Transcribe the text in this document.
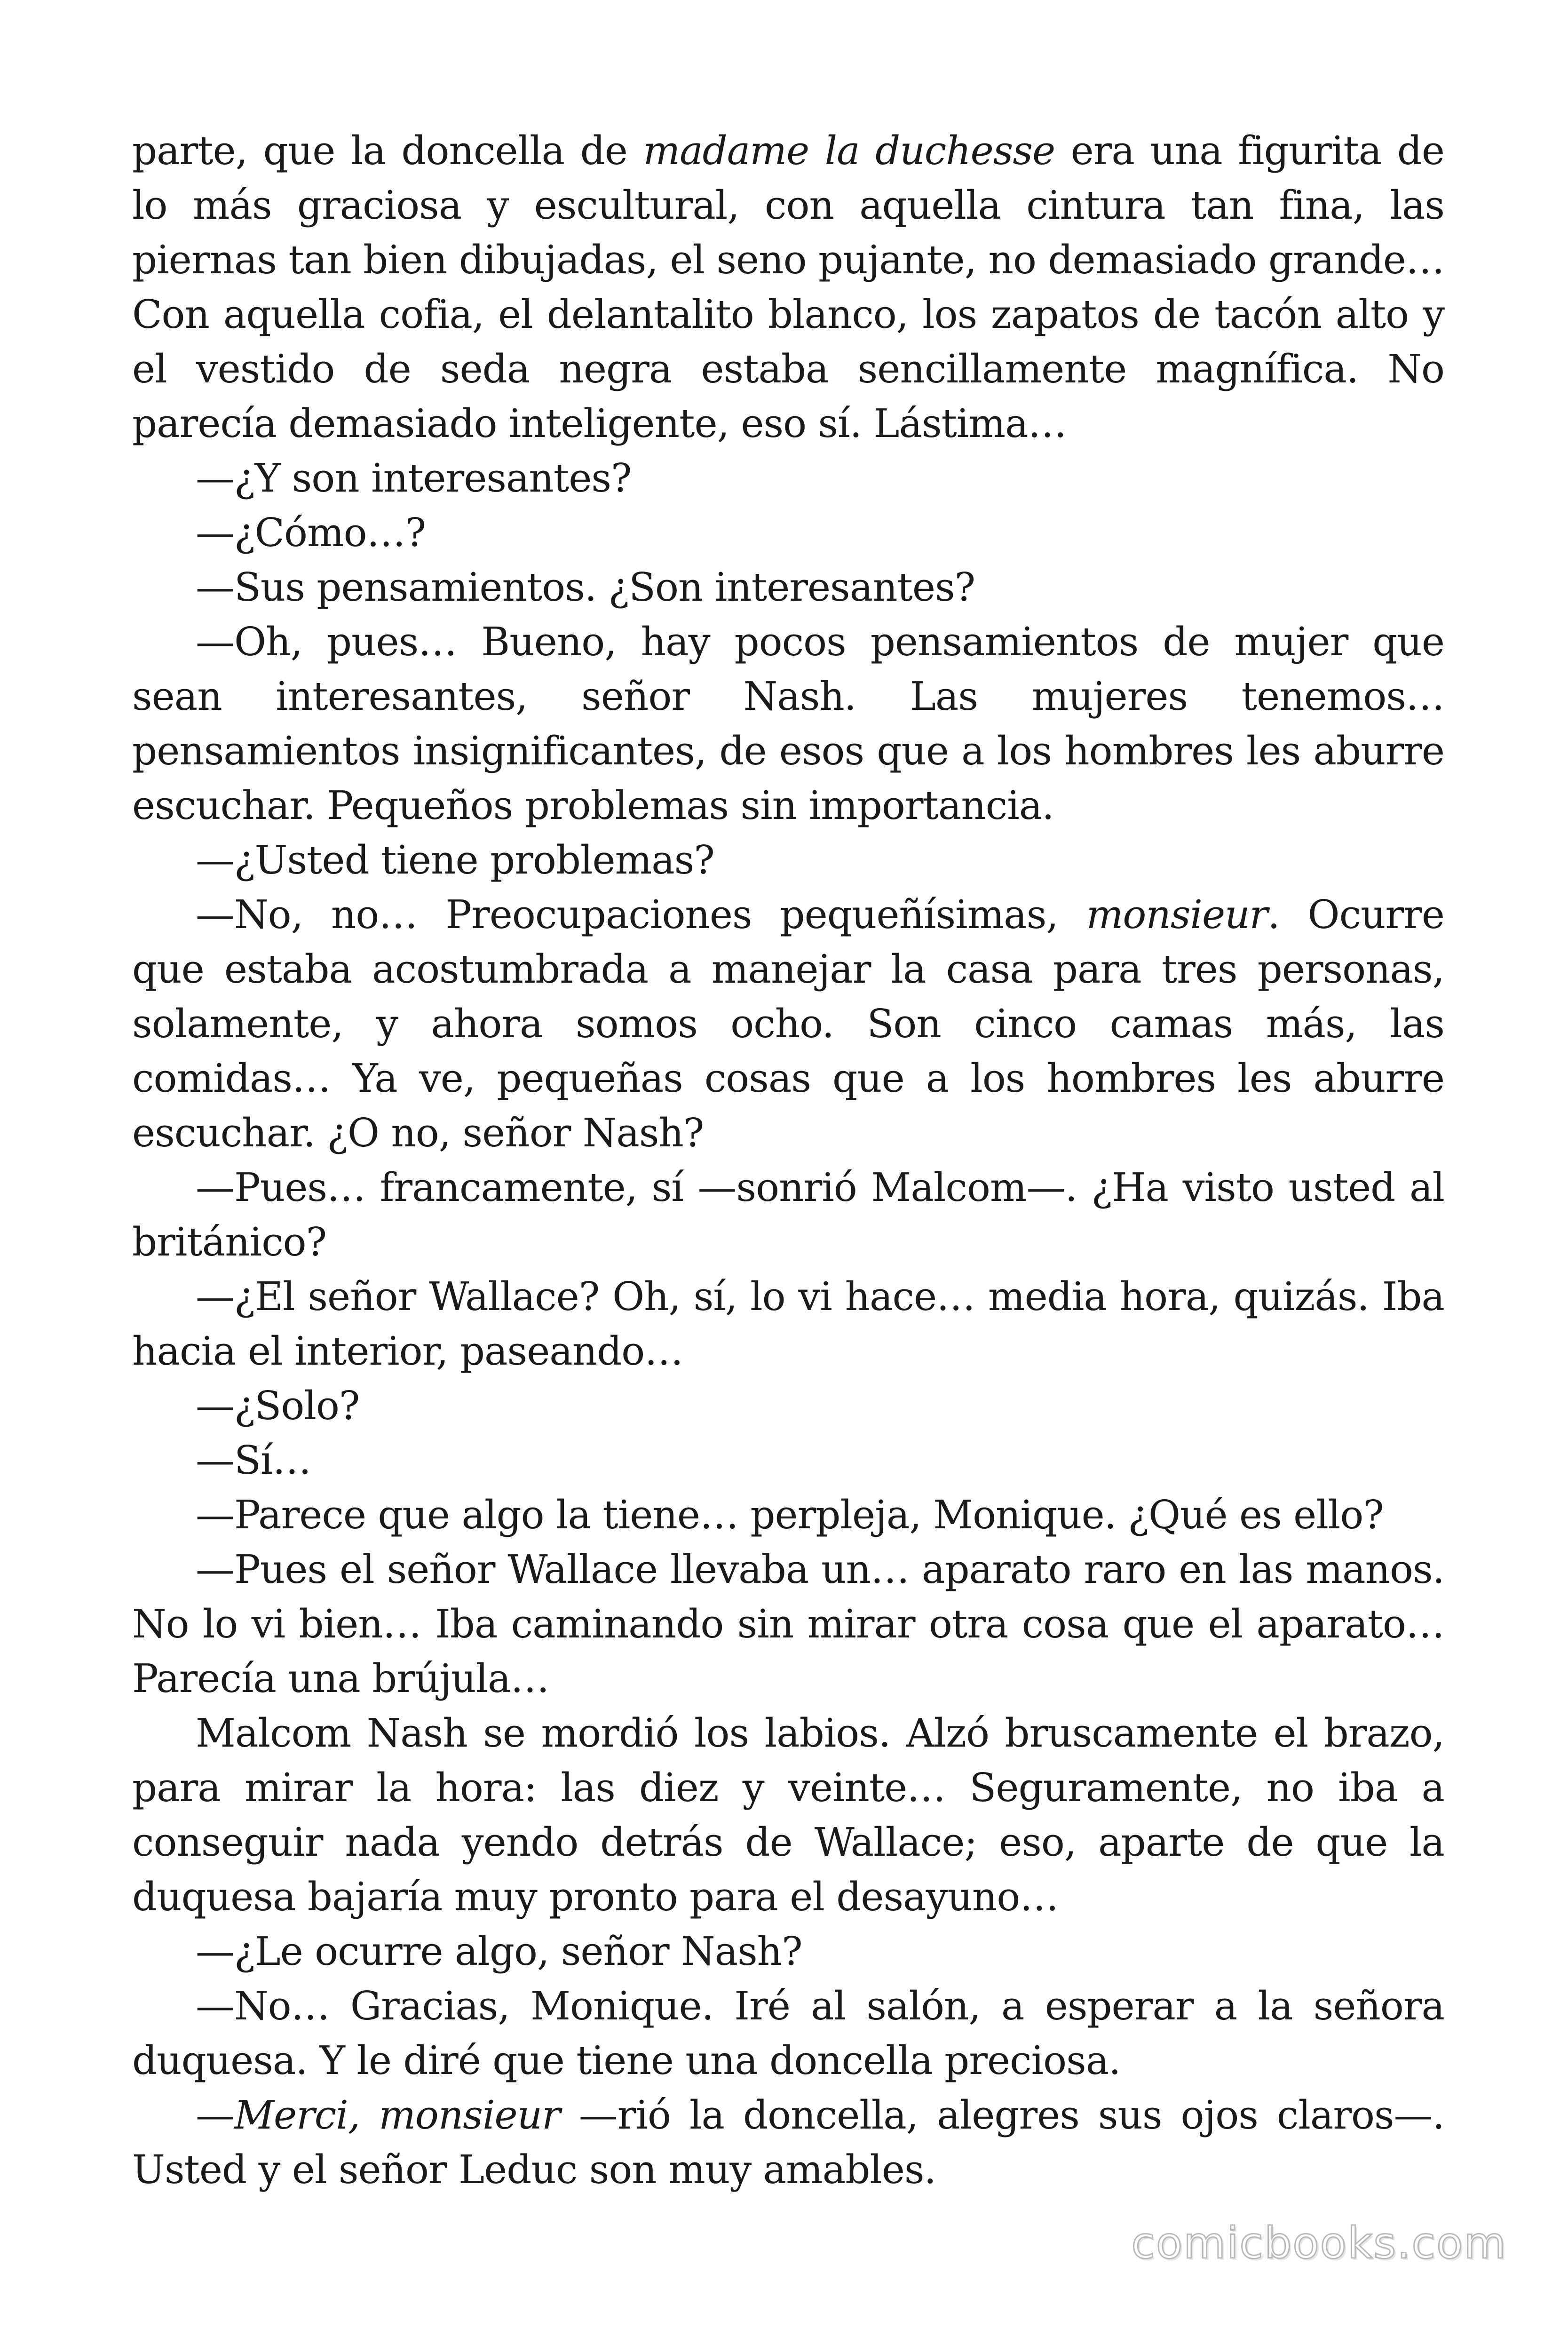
parte, que la doncella de madame la duchesse era una figurita de lo más graciosa y escultural, con aquella cintura tan fina, las piernas tan bien dibujadas, el seno pujante, no demasiado grande… Con aquella cofia, el delantalito blanco, los zapatos de tacón alto y el vestido de seda negra estaba sencillamente magnífica. No parecía demasiado inteligente, eso sí. Lástima…

—¿Y son interesantes?

—¿Cómo…?

—Sus pensamientos. ¿Son interesantes?

—Oh, pues… Bueno, hay pocos pensamientos de mujer que sean interesantes, señor Nash. Las mujeres tenemos… pensamientos insignificantes, de esos que a los hombres les aburre escuchar. Pequeños problemas sin importancia.

—¿Usted tiene problemas?

—No, no… Preocupaciones pequeñísimas, monsieur. Ocurre que estaba acostumbrada a manejar la casa para tres personas, solamente, y ahora somos ocho. Son cinco camas más, las comidas… Ya ve, pequeñas cosas que a los hombres les aburre escuchar. ¿O no, señor Nash?

—Pues… francamente, sí —sonrió Malcom—. ¿Ha visto usted al británico?

—¿El señor Wallace? Oh, sí, lo vi hace… media hora, quizás. Iba hacia el interior, paseando…

—¿Solo?

—Sí…

—Parece que algo la tiene… perpleja, Monique. ¿Qué es ello?

—Pues el señor Wallace llevaba un… aparato raro en las manos. No lo vi bien… Iba caminando sin mirar otra cosa que el aparato… Parecía una brújula…

Malcom Nash se mordió los labios. Alzó bruscamente el brazo, para mirar la hora: las diez y veinte… Seguramente, no iba a conseguir nada yendo detrás de Wallace; eso, aparte de que la duquesa bajaría muy pronto para el desayuno…

—¿Le ocurre algo, señor Nash?

—No… Gracias, Monique. Iré al salón, a esperar a la señora duquesa. Y le diré que tiene una doncella preciosa.

—Merci, monsieur —rió la doncella, alegres sus ojos claros—. Usted y el señor Leduc son muy amables.

comicbooks.com
